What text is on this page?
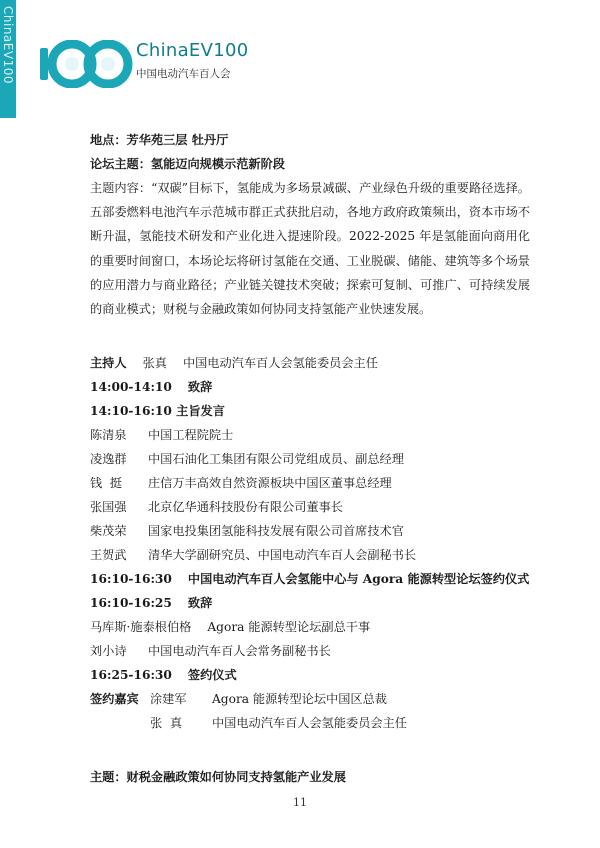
ChinaEV100	ChinaEV100
中国电动汽车百人会
地点：芳华苑三层 牡丹厅
论坛主题：氢能迈向规模示范新阶段

主题内容：“双碳”目标下，氢能成为多场景减碳、产业绿色升级的重要路径选择。五部委燃料电池汽车示范城市群正式获批启动，各地方政府政策频出，资本市场不断升温，氢能技术研发和产业化进入提速阶段。2022-2025 年是氢能面向商用化的重要时间窗口，本场论坛将研讨氢能在交通、工业脱碳、储能、建筑等多个场景的应用潜力与商业路径；产业链关键技术突破；探索可复制、可推广、可持续发展的商业模式；财税与金融政策如何协同支持氢能产业快速发展。

主持人 张真 中国电动汽车百人会氢能委员会主任
14:00-14:10 致辞
14:10-16:10 主旨发言
陈清泉 中国工程院院士
凌逸群 中国石油化工集团有限公司党组成员、副总经理
钱  挺 庄信万丰高效自然资源板块中国区董事总经理
张国强 北京亿华通科技股份有限公司董事长
柴茂荣 国家电投集团氢能科技发展有限公司首席技术官
王贺武 清华大学副研究员、中国电动汽车百人会副秘书长
16:10-16:30 中国电动汽车百人会氢能中心与 Agora 能源转型论坛签约仪式
16:10-16:25 致辞
马库斯·施泰根伯格 Agora 能源转型论坛副总干事
刘小诗 中国电动汽车百人会常务副秘书长
16:25-16:30 签约仪式
签约嘉宾 涂建军 Agora 能源转型论坛中国区总裁
张  真 中国电动汽车百人会氢能委员会主任
主题：财税金融政策如何协同支持氢能产业发展
11
